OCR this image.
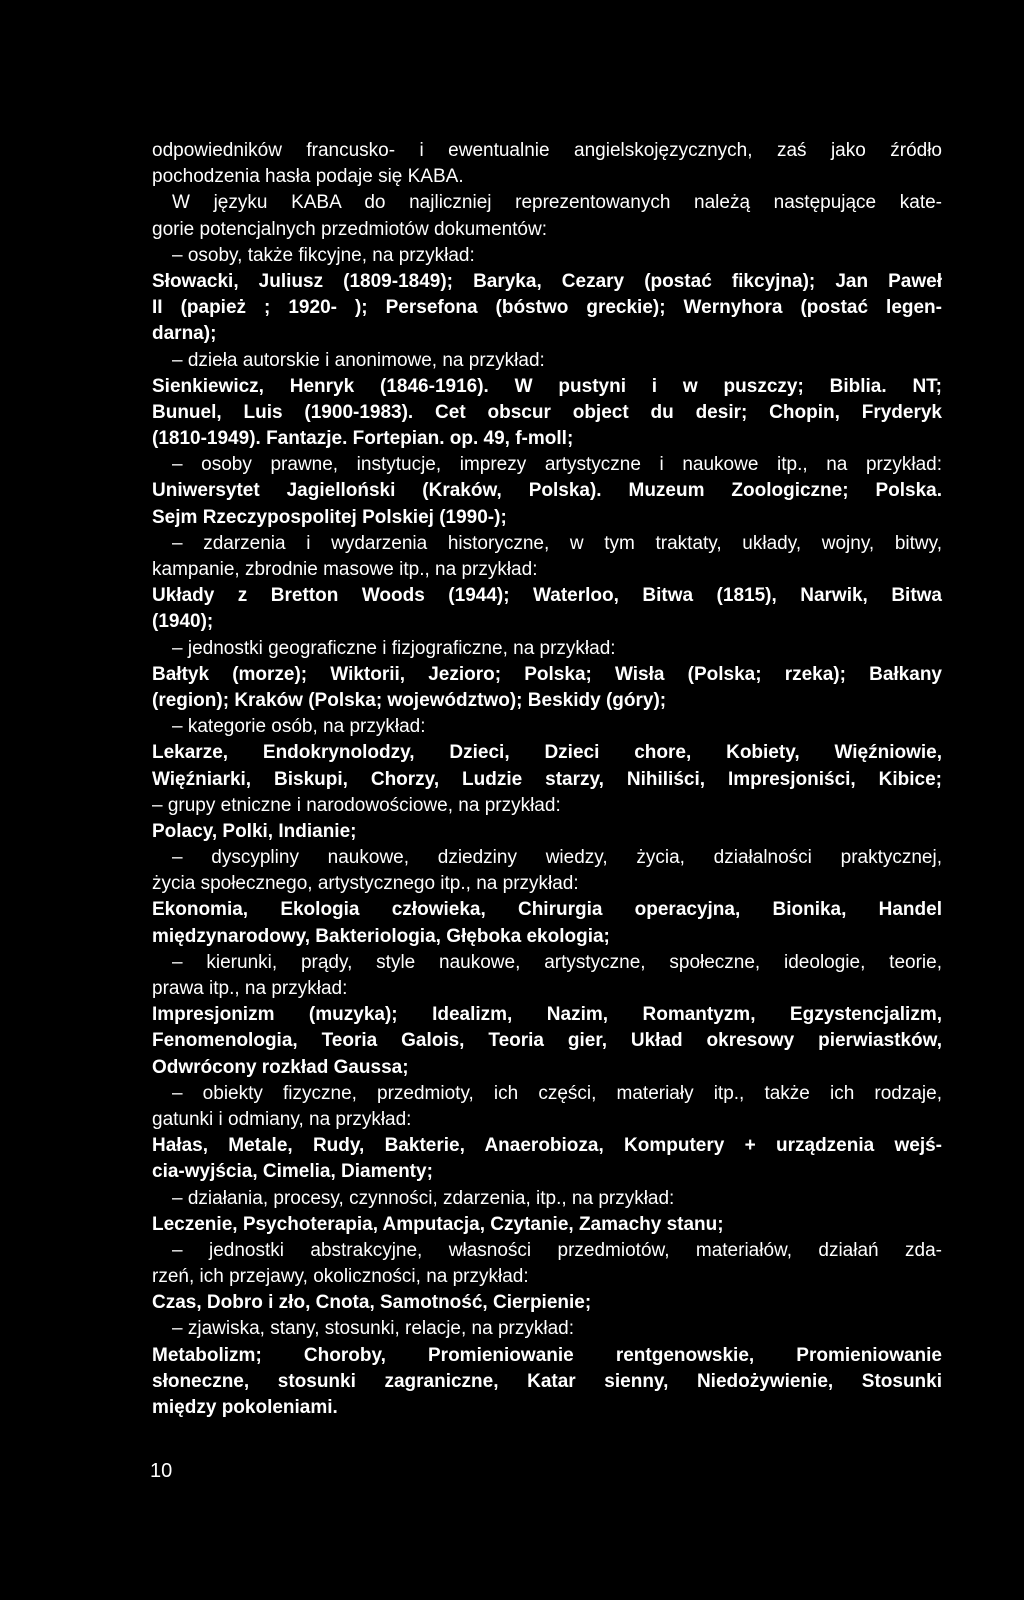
odpowiedników francusko- i ewentualnie angielskojęzycznych, zaś jako źródło
pochodzenia hasła podaje się KABA.
W języku KABA do najliczniej reprezentowanych należą następujące kate-
gorie potencjalnych przedmiotów dokumentów:
– osoby, także fikcyjne, na przykład:
Słowacki, Juliusz (1809-1849); Baryka, Cezary (postać fikcyjna); Jan Paweł
II (papież ; 1920- ); Persefona (bóstwo greckie); Wernyhora (postać legen-
darna);
– dzieła autorskie i anonimowe, na przykład:
Sienkiewicz, Henryk (1846-1916). W pustyni i w puszczy; Biblia. NT;
Bunuel, Luis (1900-1983). Cet obscur object du desir; Chopin, Fryderyk
(1810-1949). Fantazje. Fortepian. op. 49, f-moll;
– osoby prawne, instytucje, imprezy artystyczne i naukowe itp., na przykład:
Uniwersytet Jagielloński (Kraków, Polska). Muzeum Zoologiczne; Polska.
Sejm Rzeczypospolitej Polskiej (1990-);
– zdarzenia i wydarzenia historyczne, w tym traktaty, układy, wojny, bitwy,
kampanie, zbrodnie masowe itp., na przykład:
Układy z Bretton Woods (1944); Waterloo, Bitwa (1815), Narwik, Bitwa
(1940);
– jednostki geograficzne i fizjograficzne, na przykład:
Bałtyk (morze); Wiktorii, Jezioro; Polska; Wisła (Polska; rzeka); Bałkany
(region); Kraków (Polska; województwo); Beskidy (góry);
– kategorie osób, na przykład:
Lekarze, Endokrynolodzy, Dzieci, Dzieci chore, Kobiety, Więźniowie,
Więźniarki, Biskupi, Chorzy, Ludzie starzy, Nihiliści, Impresjoniści, Kibice;
– grupy etniczne i narodowościowe, na przykład:
Polacy, Polki, Indianie;
– dyscypliny naukowe, dziedziny wiedzy, życia, działalności praktycznej,
życia społecznego, artystycznego itp., na przykład:
Ekonomia, Ekologia człowieka, Chirurgia operacyjna, Bionika, Handel
międzynarodowy, Bakteriologia, Głęboka ekologia;
– kierunki, prądy, style naukowe, artystyczne, społeczne, ideologie, teorie,
prawa itp., na przykład:
Impresjonizm (muzyka); Idealizm, Nazim, Romantyzm, Egzystencjalizm,
Fenomenologia, Teoria Galois, Teoria gier, Układ okresowy pierwiastków,
Odwrócony rozkład Gaussa;
– obiekty fizyczne, przedmioty, ich części, materiały itp., także ich rodzaje,
gatunki i odmiany, na przykład:
Hałas, Metale, Rudy, Bakterie, Anaerobioza, Komputery + urządzenia wejś-
cia-wyjścia, Cimelia, Diamenty;
– działania, procesy, czynności, zdarzenia, itp., na przykład:
Leczenie, Psychoterapia, Amputacja, Czytanie, Zamachy stanu;
– jednostki abstrakcyjne, własności przedmiotów, materiałów, działań zda-
rzeń, ich przejawy, okoliczności, na przykład:
Czas, Dobro i zło, Cnota, Samotność, Cierpienie;
– zjawiska, stany, stosunki, relacje, na przykład:
Metabolizm; Choroby, Promieniowanie rentgenowskie, Promieniowanie
słoneczne, stosunki zagraniczne, Katar sienny, Niedożywienie, Stosunki
między pokoleniami.
10
